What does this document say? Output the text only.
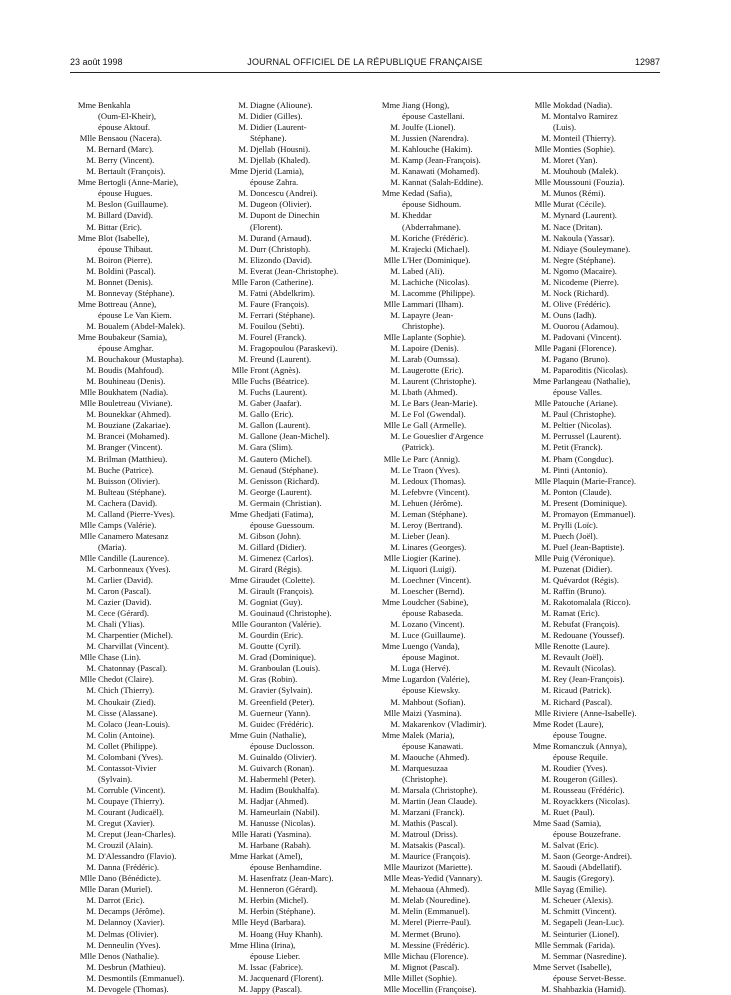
23 août 1998	JOURNAL OFFICIEL DE LA RÉPUBLIQUE FRANÇAISE	12987
Mme Benkahla
(Oum-El-Kheir),
épouse Aktouf.
Mlle Bensaou (Nacera).
M. Bernard (Marc).
M. Berry (Vincent).
M. Bertault (François).
Mme Bertogli (Anne-Marie),
épouse Hugues.
M. Beslon (Guillaume).
M. Billard (David).
M. Bittar (Eric).
Mme Blot (Isabelle),
épouse Thibaut.
M. Boiron (Pierre).
M. Boldini (Pascal).
M. Bonnet (Denis).
M. Bonnevay (Stéphane).
Mme Bottreau (Anne),
épouse Le Van Kiem.
M. Boualem (Abdel-Malek).
Mme Boubakeur (Samia),
épouse Amghar.
M. Bouchakour (Mustapha).
M. Boudis (Mahfoud).
M. Bouhineau (Denis).
Mlle Boukhatem (Nadia).
Mlle Bouletreau (Viviane).
M. Bounekkar (Ahmed).
M. Bouziane (Zakariae).
M. Brancei (Mohamed).
M. Branger (Vincent).
M. Brilman (Matthieu).
M. Buche (Patrice).
M. Buisson (Olivier).
M. Bulteau (Stéphane).
M. Cachera (David).
M. Calland (Pierre-Yves).
Mlle Camps (Valérie).
Mlle Canamero Matesanz
(Maria).
Mlle Candille (Laurence).
M. Carbonneaux (Yves).
M. Carlier (David).
M. Caron (Pascal).
M. Cazier (David).
M. Cece (Gérard).
M. Chali (Ylias).
M. Charpentier (Michel).
M. Charvillat (Vincent).
Mlle Chase (Lin).
M. Chatonnay (Pascal).
Mlle Chedot (Claire).
M. Chich (Thierry).
M. Choukair (Zied).
M. Cisse (Alassane).
M. Colaco (Jean-Louis).
M. Colin (Antoine).
M. Collet (Philippe).
M. Colombani (Yves).
M. Contassot-Vivier
(Sylvain).
M. Corruble (Vincent).
M. Coupaye (Thierry).
M. Courant (Judicaël).
M. Cregut (Xavier).
M. Creput (Jean-Charles).
M. Crouzil (Alain).
M. D'Alessandro (Flavio).
M. Danna (Frédéric).
Mlle Dano (Bénédicte).
Mlle Daran (Muriel).
M. Darrot (Eric).
M. Decamps (Jérôme).
M. Delannoy (Xavier).
M. Delmas (Olivier).
M. Denneulin (Yves).
Mlle Denos (Nathalie).
M. Desbrun (Mathieu).
M. Desmontils (Emmanuel).
M. Devogele (Thomas).
M. Diagne (Alioune).
M. Didier (Gilles).
M. Didier (Laurent-
Stéphane).
M. Djellab (Housni).
M. Djellab (Khaled).
Mme Djerid (Lamia),
épouse Zahra.
M. Doncescu (Andrei).
M. Dugeon (Olivier).
M. Dupont de Dinechin
(Florent).
M. Durand (Arnaud).
M. Durr (Christoph).
M. Elizondo (David).
M. Everat (Jean-Christophe).
Mlle Faron (Catherine).
M. Fatni (Abdelkrim).
M. Faure (François).
M. Ferrari (Stéphane).
M. Fouilou (Sebti).
M. Fourel (Franck).
M. Fragopoulou (Paraskevi).
M. Freund (Laurent).
Mlle Front (Agnès).
Mlle Fuchs (Béatrice).
M. Fuchs (Laurent).
M. Gaber (Jaafar).
M. Gallo (Eric).
M. Gallon (Laurent).
M. Gallone (Jean-Michel).
M. Gara (Slim).
M. Gautero (Michel).
M. Genaud (Stéphane).
M. Genisson (Richard).
M. George (Laurent).
M. Germain (Christian).
Mme Ghedjati (Fatima),
épouse Guessoum.
M. Gibson (John).
M. Gillard (Didier).
M. Gimenez (Carlos).
M. Girard (Régis).
Mme Giraudet (Colette).
M. Girault (François).
M. Gogniat (Guy).
M. Gouinaud (Christophe).
Mlle Gouranton (Valérie).
M. Gourdin (Eric).
M. Goutte (Cyril).
M. Grad (Dominique).
M. Granboulan (Louis).
M. Gras (Robin).
M. Gravier (Sylvain).
M. Greenfield (Peter).
M. Guerneur (Yann).
M. Guidec (Frédéric).
Mme Guin (Nathalie),
épouse Duclosson.
M. Guinaldo (Olivier).
M. Guivarch (Ronan).
M. Habermehl (Peter).
M. Hadim (Boukhalfa).
M. Hadjar (Ahmed).
M. Hameurlain (Nabil).
M. Hanusse (Nicolas).
Mlle Harati (Yasmina).
M. Harbane (Rabah).
Mme Harkat (Amel),
épouse Benhamdine.
M. Hasenfratz (Jean-Marc).
M. Henneron (Gérard).
M. Herbin (Michel).
M. Herbin (Stéphane).
Mlle Heyd (Barbara).
M. Hoang (Huy Khanh).
Mme Hlina (Irina),
épouse Lieber.
M. Issac (Fabrice).
M. Jacquenard (Florent).
M. Jappy (Pascal).
Mme Jiang (Hong),
épouse Castellani.
M. Joulfe (Lionel).
M. Jussien (Narendra).
M. Kahlouche (Hakim).
M. Kamp (Jean-François).
M. Kanawati (Mohamed).
M. Kannat (Salah-Eddine).
Mme Kedad (Safia),
épouse Sidhoum.
M. Kheddar
(Abderrahmane).
M. Koriche (Frédéric).
M. Krajecki (Michael).
Mlle L'Her (Dominique).
M. Labed (Ali).
M. Lachiche (Nicolas).
M. Lacomme (Philippe).
Mlle Lammari (Ilham).
M. Lapayre (Jean-
Christophe).
Mlle Laplante (Sophie).
M. Lapoire (Denis).
M. Larab (Oumssa).
M. Laugerotte (Eric).
M. Laurent (Christophe).
M. Lbath (Ahmed).
M. Le Bars (Jean-Marie).
M. Le Fol (Gwendal).
Mlle Le Gall (Armelle).
M. Le Goueslier d'Argence
(Patrick).
Mlle Le Parc (Annig).
M. Le Traon (Yves).
M. Ledoux (Thomas).
M. Lefebvre (Vincent).
M. Lehuen (Jérôme).
M. Leman (Stéphane).
M. Leroy (Bertrand).
M. Lieber (Jean).
M. Linares (Georges).
Mlle Liogier (Karine).
M. Liquori (Luigi).
M. Loechner (Vincent).
M. Loescher (Bernd).
Mme Loudcher (Sabine),
épouse Rabaseda.
M. Lozano (Vincent).
M. Luce (Guillaume).
Mme Luengo (Vanda),
épouse Maginot.
M. Luga (Hervé).
Mme Lugardon (Valérie),
épouse Kiewsky.
M. Mahbout (Sofian).
Mlle Maizi (Yasmina).
M. Makarenkov (Vladimir).
Mme Malek (Maria),
épouse Kanawati.
M. Maouche (Ahmed).
M. Marquesuzaa
(Christophe).
M. Marsala (Christophe).
M. Martin (Jean Claude).
M. Marzani (Franck).
M. Mathis (Pascal).
M. Matroul (Driss).
M. Matsakis (Pascal).
M. Maurice (François).
Mlle Maurizot (Mariette).
Mlle Meas-Yedid (Vannary).
M. Mehaoua (Ahmed).
M. Melab (Nouredine).
M. Melin (Emmanuel).
M. Merel (Pierre-Paul).
M. Mermet (Bruno).
M. Messine (Frédéric).
Mlle Michau (Florence).
M. Mignot (Pascal).
Mlle Millet (Sophie).
Mlle Mocellin (Françoise).
Mlle Mokdad (Nadia).
M. Montalvo Ramirez
(Luis).
M. Monteil (Thierry).
Mlle Monties (Sophie).
M. Moret (Yan).
M. Mouhoub (Malek).
Mlle Moussouni (Fouzia).
M. Munos (Rémi).
Mlle Murat (Cécile).
M. Mynard (Laurent).
M. Nace (Dritan).
M. Nakoula (Yassar).
M. Ndiaye (Souleymane).
M. Negre (Stéphane).
M. Ngomo (Macaire).
M. Nicodeme (Pierre).
M. Nock (Richard).
M. Olive (Frédéric).
M. Ouns (Iadh).
M. Ouorou (Adamou).
M. Padovani (Vincent).
Mlle Pagani (Florence).
M. Pagano (Bruno).
M. Paparoditis (Nicolas).
Mme Parlangeau (Nathalie),
épouse Valles.
Mlle Patouche (Ariane).
M. Paul (Christophe).
M. Peltier (Nicolas).
M. Perrussel (Laurent).
M. Petit (Franck).
M. Pham (Congduc).
M. Pinti (Antonio).
Mlle Plaquin (Marie-France).
M. Ponton (Claude).
M. Present (Dominique).
M. Promayon (Emmanuel).
M. Prylli (Loïc).
M. Puech (Joël).
M. Puel (Jean-Baptiste).
Mlle Puig (Véronique).
M. Puzenat (Didier).
M. Quévardot (Régis).
M. Raffin (Bruno).
M. Rakotomalala (Ricco).
M. Ramat (Eric).
M. Rebufat (François).
M. Redouane (Youssef).
Mlle Renotte (Laure).
M. Revault (Joël).
M. Revault (Nicolas).
M. Rey (Jean-François).
M. Ricaud (Patrick).
M. Richard (Pascal).
Mlle Riviere (Anne-Isabelle).
Mme Rodet (Laure),
épouse Tougne.
Mme Romanczuk (Annya),
épouse Requile.
M. Roudier (Yves).
M. Rougeron (Gilles).
M. Rousseau (Frédéric).
M. Royackkers (Nicolas).
M. Ruet (Paul).
Mme Saad (Samia),
épouse Bouzefrane.
M. Salvat (Eric).
M. Saon (George-Andrei).
M. Saoudi (Abdellatif).
M. Saugis (Gregory).
Mlle Sayag (Emilie).
M. Scheuer (Alexis).
M. Schmitt (Vincent).
M. Segapeli (Jean-Luc).
M. Seinturier (Lionel).
Mlle Semmak (Farida).
M. Semmar (Nasredine).
Mme Servet (Isabelle),
épouse Servet-Besse.
M. Shahbazkia (Hamid).
